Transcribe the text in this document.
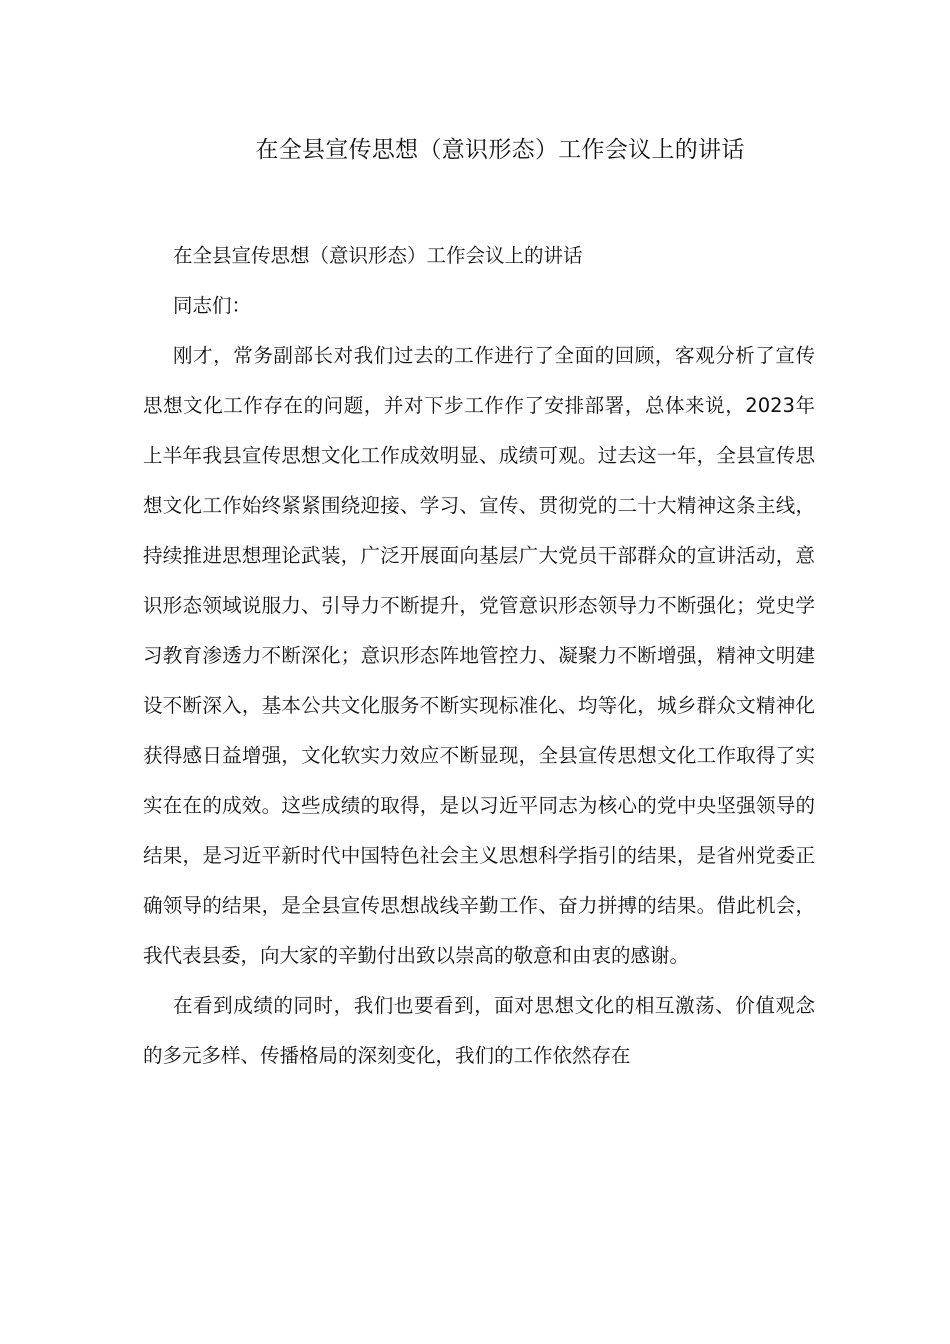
在全县宣传思想（意识形态）工作会议上的讲话

在全县宣传思想（意识形态）工作会议上的讲话

同志们：

刚才，常务副部长对我们过去的工作进行了全面的回顾，客观分析了宣传思想文化工作存在的问题，并对下步工作作了安排部署，总体来说，2023年上半年我县宣传思想文化工作成效明显、成绩可观。过去这一年，全县宣传思想文化工作始终紧紧围绕迎接、学习、宣传、贯彻党的二十大精神这条主线，持续推进思想理论武装，广泛开展面向基层广大党员干部群众的宣讲活动，意识形态领域说服力、引导力不断提升，党管意识形态领导力不断强化；党史学习教育渗透力不断深化；意识形态阵地管控力、凝聚力不断增强，精神文明建设不断深入，基本公共文化服务不断实现标准化、均等化，城乡群众文精神化获得感日益增强，文化软实力效应不断显现，全县宣传思想文化工作取得了实实在在的成效。这些成绩的取得，是以习近平同志为核心的党中央坚强领导的结果，是习近平新时代中国特色社会主义思想科学指引的结果，是省州党委正确领导的结果，是全县宣传思想战线辛勤工作、奋力拼搏的结果。借此机会，我代表县委，向大家的辛勤付出致以崇高的敬意和由衷的感谢。

在看到成绩的同时，我们也要看到，面对思想文化的相互激荡、价值观念的多元多样、传播格局的深刻变化，我们的工作依然存在
